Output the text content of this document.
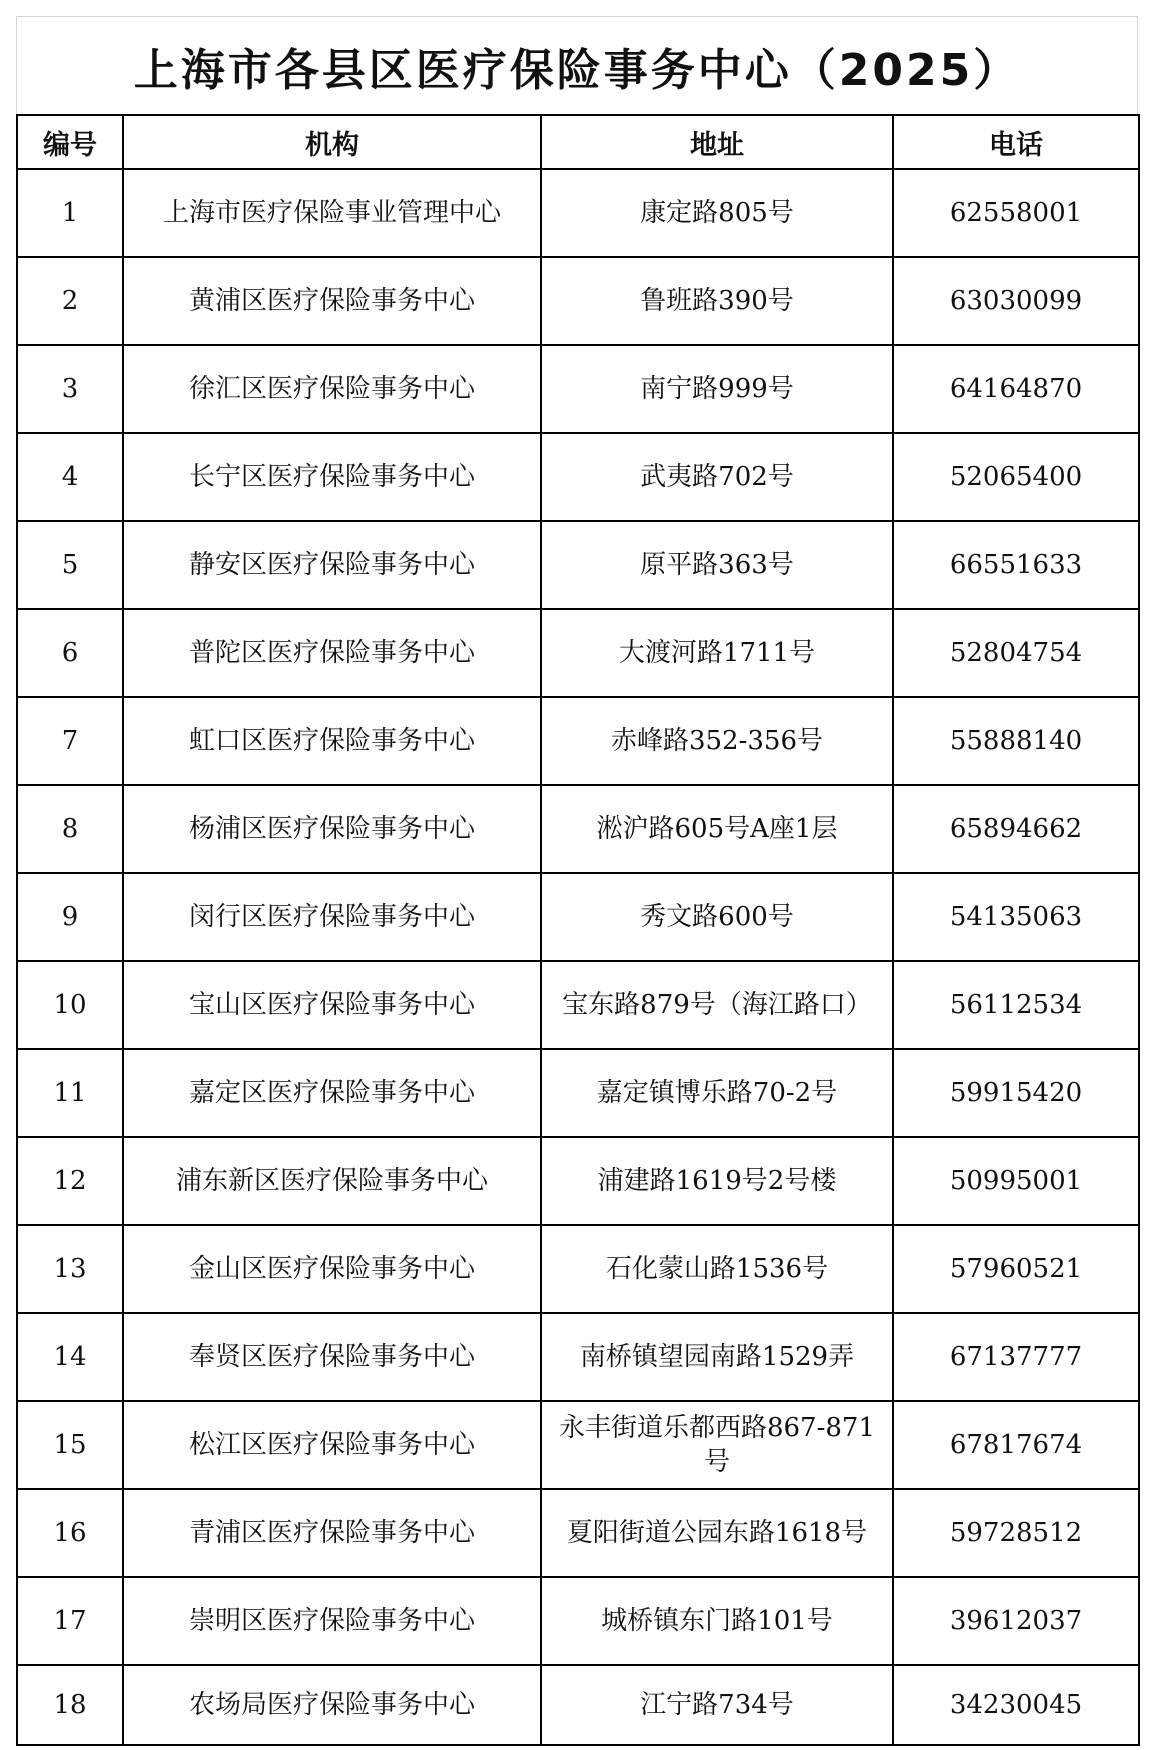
上海市各县区医疗保险事务中心（2025）
编号	机构	地址	电话
1	上海市医疗保险事业管理中心	康定路805号	62558001
2	黄浦区医疗保险事务中心	鲁班路390号	63030099
3	徐汇区医疗保险事务中心	南宁路999号	64164870
4	长宁区医疗保险事务中心	武夷路702号	52065400
5	静安区医疗保险事务中心	原平路363号	66551633
6	普陀区医疗保险事务中心	大渡河路1711号	52804754
7	虹口区医疗保险事务中心	赤峰路352-356号	55888140
8	杨浦区医疗保险事务中心	淞沪路605号A座1层	65894662
9	闵行区医疗保险事务中心	秀文路600号	54135063
10	宝山区医疗保险事务中心	宝东路879号（海江路口）	56112534
11	嘉定区医疗保险事务中心	嘉定镇博乐路70-2号	59915420
12	浦东新区医疗保险事务中心	浦建路1619号2号楼	50995001
13	金山区医疗保险事务中心	石化蒙山路1536号	57960521
14	奉贤区医疗保险事务中心	南桥镇望园南路1529弄	67137777
15	松江区医疗保险事务中心	永丰街道乐都西路867-871号	67817674
16	青浦区医疗保险事务中心	夏阳街道公园东路1618号	59728512
17	崇明区医疗保险事务中心	城桥镇东门路101号	39612037
18	农场局医疗保险事务中心	江宁路734号	34230045
